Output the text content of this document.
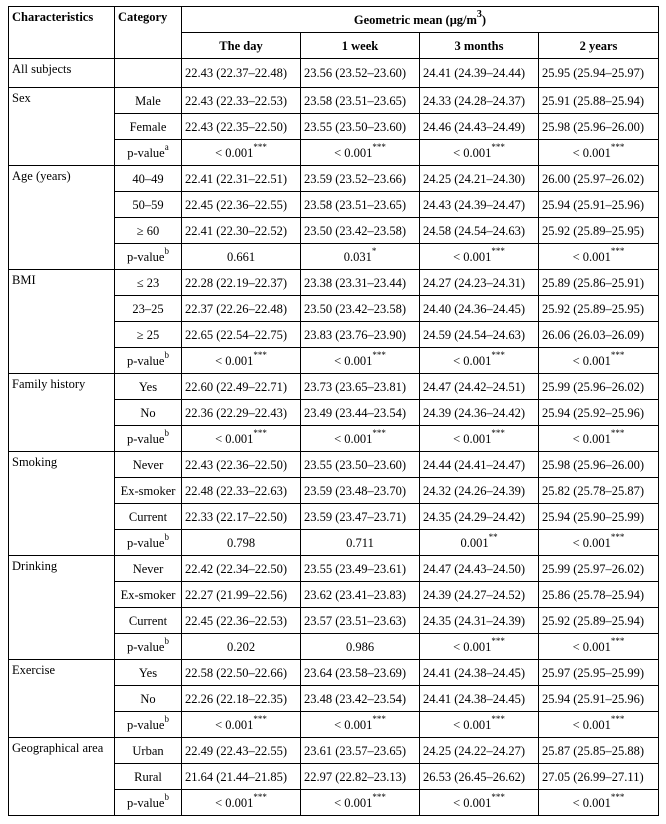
Characteristics	Category	Geometric mean $(\mu g/m^3)$			
		The day	1 week	3 months	2 years
All subjects		22.43 (22.37–22.48)	23.56 (23.52–23.60)	24.41 (24.39–24.44)	25.95 (25.94–25.97)
Sex	Male	22.43 (22.33–22.53)	23.58 (23.51–23.65)	24.33 (24.28–24.37)	25.91 (25.88–25.94)
	Female	22.43 (22.35–22.50)	23.55 (23.50–23.60)	24.46 (24.43–24.49)	25.98 (25.96–26.00)
	p-value$^a$	< 0.001***	< 0.001***	< 0.001***	< 0.001***
Age (years)	40–49	22.41 (22.31–22.51)	23.59 (23.52–23.66)	24.25 (24.21–24.30)	26.00 (25.97–26.02)
	50–59	22.45 (22.36–22.55)	23.58 (23.51–23.65)	24.43 (24.39–24.47)	25.94 (25.91–25.96)
	≥ 60	22.41 (22.30–22.52)	23.50 (23.42–23.58)	24.58 (24.54–24.63)	25.92 (25.89–25.95)
	p-value$^b$	0.661	0.031*	< 0.001***	< 0.001***
BMI	≤ 23	22.28 (22.19–22.37)	23.38 (23.31–23.44)	24.27 (24.23–24.31)	25.89 (25.86–25.91)
	23–25	22.37 (22.26–22.48)	23.50 (23.42–23.58)	24.40 (24.36–24.45)	25.92 (25.89–25.95)
	≥ 25	22.65 (22.54–22.75)	23.83 (23.76–23.90)	24.59 (24.54–24.63)	26.06 (26.03–26.09)
	p-value$^b$	< 0.001***	< 0.001***	< 0.001***	< 0.001***
Family history	Yes	22.60 (22.49–22.71)	23.73 (23.65–23.81)	24.47 (24.42–24.51)	25.99 (25.96–26.02)
	No	22.36 (22.29–22.43)	23.49 (23.44–23.54)	24.39 (24.36–24.42)	25.94 (25.92–25.96)
	p-value$^b$	< 0.001***	< 0.001***	< 0.001***	< 0.001***
Smoking	Never	22.43 (22.36–22.50)	23.55 (23.50–23.60)	24.44 (24.41–24.47)	25.98 (25.96–26.00)
	Ex-smoker	22.48 (22.33–22.63)	23.59 (23.48–23.70)	24.32 (24.26–24.39)	25.82 (25.78–25.87)
	Current	22.33 (22.17–22.50)	23.59 (23.47–23.71)	24.35 (24.29–24.42)	25.94 (25.90–25.99)
	p-value$^b$	0.798	0.711	0.001**	< 0.001***
Drinking	Never	22.42 (22.34–22.50)	23.55 (23.49–23.61)	24.47 (24.43–24.50)	25.99 (25.97–26.02)
	Ex-smoker	22.27 (21.99–22.56)	23.62 (23.41–23.83)	24.39 (24.27–24.52)	25.86 (25.78–25.94)
	Current	22.45 (22.36–22.53)	23.57 (23.51–23.63)	24.35 (24.31–24.39)	25.92 (25.89–25.94)
	p-value$^b$	0.202	0.986	< 0.001***	< 0.001***
Exercise	Yes	22.58 (22.50–22.66)	23.64 (23.58–23.69)	24.41 (24.38–24.45)	25.97 (25.95–25.99)
	No	22.26 (22.18–22.35)	23.48 (23.42–23.54)	24.41 (24.38–24.45)	25.94 (25.91–25.96)
	p-value$^b$	< 0.001***	< 0.001***	< 0.001***	< 0.001***
Geographical area	Urban	22.49 (22.43–22.55)	23.61 (23.57–23.65)	24.25 (24.22–24.27)	25.87 (25.85–25.88)
	Rural	21.64 (21.44–21.85)	22.97 (22.82–23.13)	26.53 (26.45–26.62)	27.05 (26.99–27.11)
	p-value$^b$	< 0.001***	< 0.001***	< 0.001***	< 0.001***
